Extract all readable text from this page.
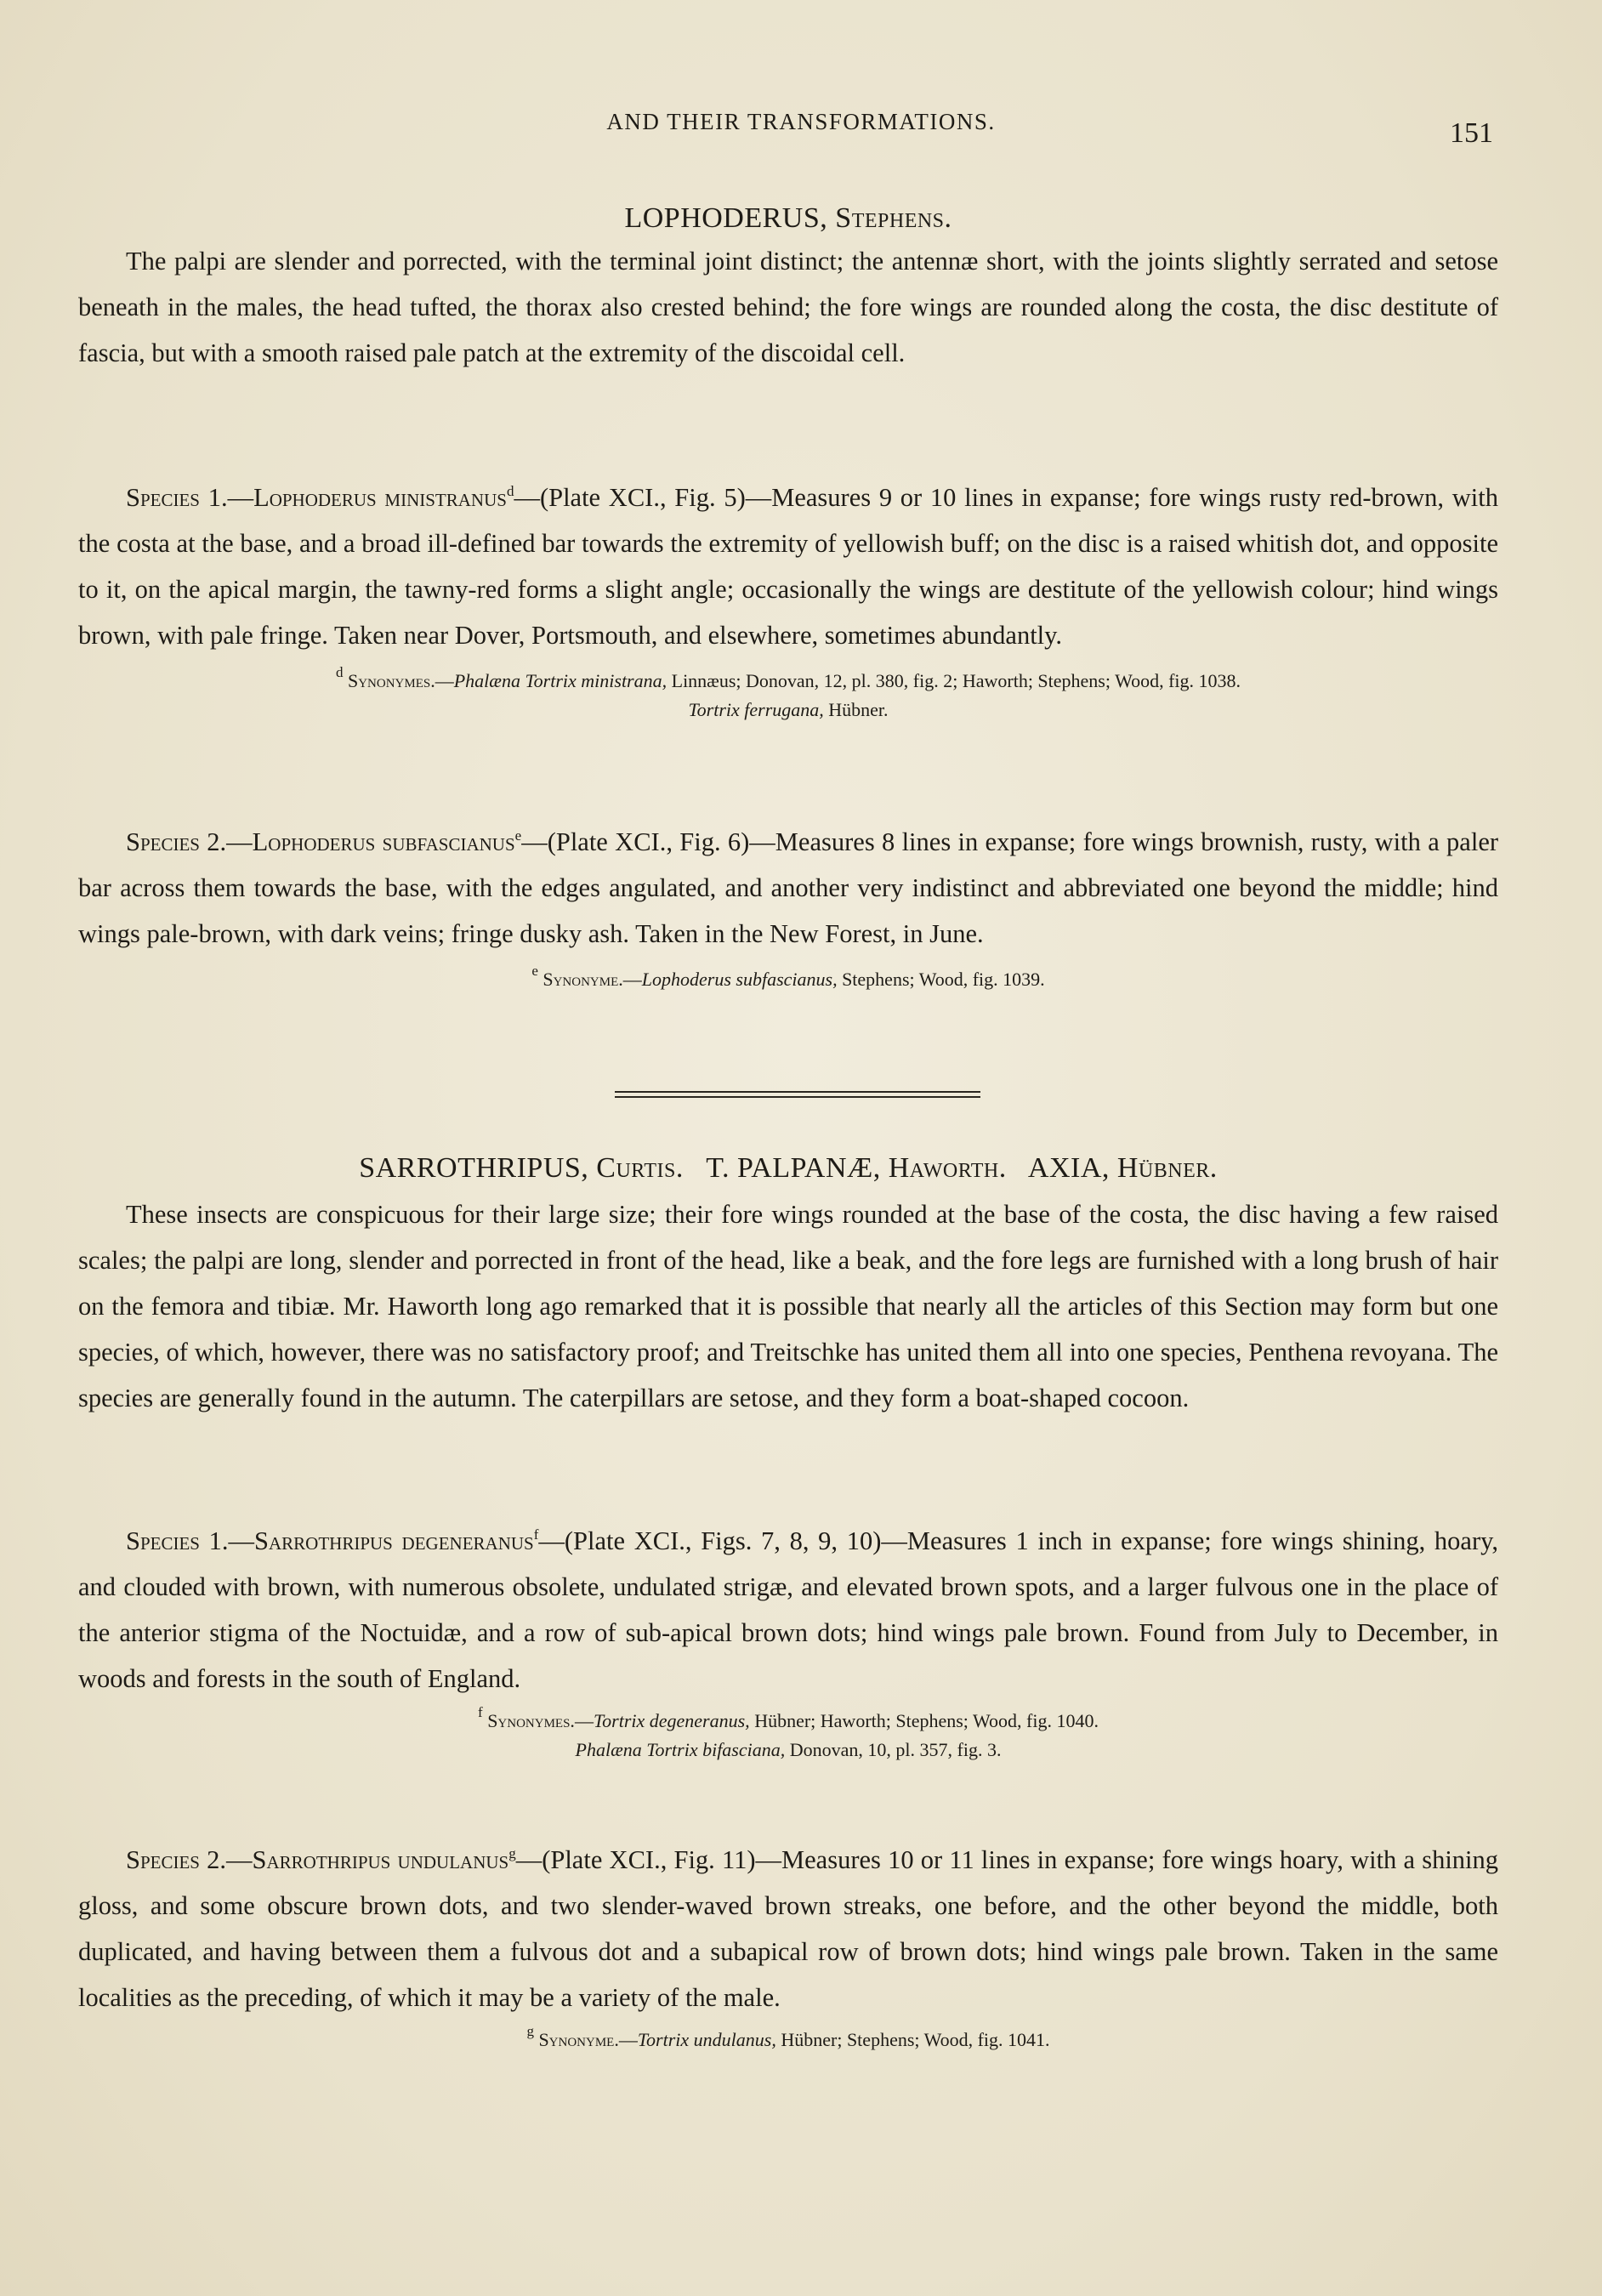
AND THEIR TRANSFORMATIONS.	151
LOPHODERUS, Stephens.

The palpi are slender and porrected, with the terminal joint distinct; the antennæ short, with the joints slightly serrated and setose beneath in the males, the head tufted, the thorax also crested behind; the fore wings are rounded along the costa, the disc destitute of fascia, but with a smooth raised pale patch at the extremity of the discoidal cell.

Species 1.—Lophoderus ministranus$^d$—(Plate XCI., Fig. 5)—Measures 9 or 10 lines in expanse; fore wings rusty red-brown, with the costa at the base, and a broad ill-defined bar towards the extremity of yellowish buff; on the disc is a raised whitish dot, and opposite to it, on the apical margin, the tawny-red forms a slight angle; occasionally the wings are destitute of the yellowish colour; hind wings brown, with pale fringe. Taken near Dover, Portsmouth, and elsewhere, sometimes abundantly.

$^d$ Synonymes.—Phalæna Tortrix ministrana, Linnæus; Donovan, 12, pl. 380, fig. 2; Haworth; Stephens; Wood, fig. 1038.
Tortrix ferrugana, Hübner.

Species 2.—Lophoderus subfascianus$^e$—(Plate XCI., Fig. 6)—Measures 8 lines in expanse; fore wings brownish, rusty, with a paler bar across them towards the base, with the edges angulated, and another very indistinct and abbreviated one beyond the middle; hind wings pale-brown, with dark veins; fringe dusky ash. Taken in the New Forest, in June.

$^e$ Synonyme.—Lophoderus subfascianus, Stephens; Wood, fig. 1039.
SARROTHRIPUS, Curtis. T. PALPANÆ, Haworth. AXIA, Hübner.

These insects are conspicuous for their large size; their fore wings rounded at the base of the costa, the disc having a few raised scales; the palpi are long, slender and porrected in front of the head, like a beak, and the fore legs are furnished with a long brush of hair on the femora and tibiæ. Mr. Haworth long ago remarked that it is possible that nearly all the articles of this Section may form but one species, of which, however, there was no satisfactory proof; and Treitschke has united them all into one species, Penthena revoyana. The species are generally found in the autumn. The caterpillars are setose, and they form a boat-shaped cocoon.

Species 1.—Sarrothripus degeneranus$^f$—(Plate XCI., Figs. 7, 8, 9, 10)—Measures 1 inch in expanse; fore wings shining, hoary, and clouded with brown, with numerous obsolete, undulated strigæ, and elevated brown spots, and a larger fulvous one in the place of the anterior stigma of the Noctuidæ, and a row of sub-apical brown dots; hind wings pale brown. Found from July to December, in woods and forests in the south of England.

$^f$ Synonymes.—Tortrix degeneranus, Hübner; Haworth; Stephens; Wood, fig. 1040.
Phalæna Tortrix bifasciana, Donovan, 10, pl. 357, fig. 3.

Species 2.—Sarrothripus undulanus$^g$—(Plate XCI., Fig. 11)—Measures 10 or 11 lines in expanse; fore wings hoary, with a shining gloss, and some obscure brown dots, and two slender-waved brown streaks, one before, and the other beyond the middle, both duplicated, and having between them a fulvous dot and a subapical row of brown dots; hind wings pale brown. Taken in the same localities as the preceding, of which it may be a variety of the male.

$^g$ Synonyme.—Tortrix undulanus, Hübner; Stephens; Wood, fig. 1041.
